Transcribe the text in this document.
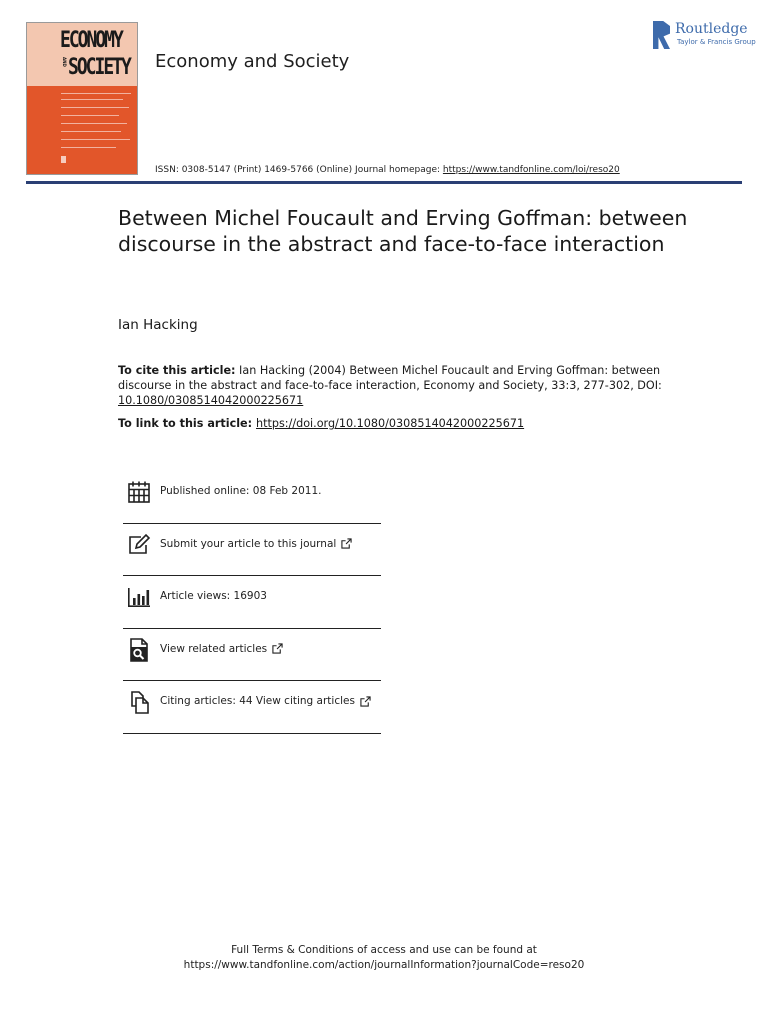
ECONOMY
AND SOCIETY Economy and Society
ISSN: 0308-5147 (Print) 1469-5766 (Online) Journal homepage: https://www.tandfonline.com/loi/reso20
Routledge
Taylor & Francis Group
Between Michel Foucault and Erving Goffman: between discourse in the abstract and face-to-face interaction
Ian Hacking
To cite this article: Ian Hacking (2004) Between Michel Foucault and Erving Goffman: between discourse in the abstract and face-to-face interaction, Economy and Society, 33:3, 277-302, DOI: 10.1080/0308514042000225671
To link to this article: https://doi.org/10.1080/0308514042000225671
Published online: 08 Feb 2011.
Submit your article to this journal
Article views: 16903
View related articles
Citing articles: 44 View citing articles
Full Terms & Conditions of access and use can be found at
https://www.tandfonline.com/action/journalInformation?journalCode=reso20
